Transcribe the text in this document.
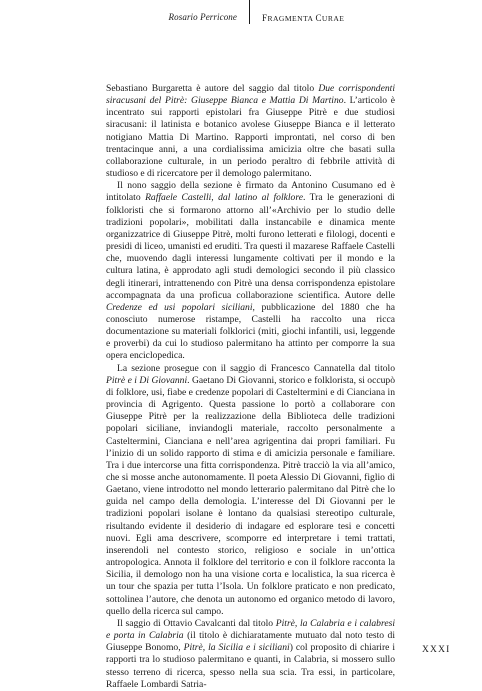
Rosario Perricone	FRAGMENTA CURAE

Sebastiano Burgaretta è autore del saggio dal titolo Due corrispondenti siracusani del Pitrè: Giuseppe Bianca e Mattia Di Martino. L’articolo è incentrato sui rapporti epistolari fra Giuseppe Pitrè e due studiosi siracusani: il latinista e botanico avolese Giuseppe Bianca e il letterato notigiano Mattia Di Martino. Rapporti improntati, nel corso di ben trentacinque anni, a una cordialissima amicizia oltre che basati sulla collaborazione culturale, in un periodo peraltro di febbrile attività di studioso e di ricercatore per il demologo palermitano.

Il nono saggio della sezione è firmato da Antonino Cusumano ed è intitolato Raffaele Castelli, dal latino al folklore. Tra le generazioni di folkloristi che si formarono attorno all’«Archivio per lo studio delle tradizioni popolari», mobilitati dalla instancabile e dinamica mente organizzatrice di Giuseppe Pitrè, molti furono letterati e filologi, docenti e presidi di liceo, umanisti ed eruditi. Tra questi il mazarese Raffaele Castelli che, muovendo dagli interessi lungamente coltivati per il mondo e la cultura latina, è approdato agli studi demologici secondo il più classico degli itinerari, intrattenendo con Pitrè una densa corrispondenza epistolare accompagnata da una proficua collaborazione scientifica. Autore delle Credenze ed usi popolari siciliani, pubblicazione del 1880 che ha conosciuto numerose ristampe, Castelli ha raccolto una ricca documentazione su materiali folklorici (miti, giochi infantili, usi, leggende e proverbi) da cui lo studioso palermitano ha attinto per comporre la sua opera enciclopedica.

La sezione prosegue con il saggio di Francesco Cannatella dal titolo Pitrè e i Di Giovanni. Gaetano Di Giovanni, storico e folklorista, si occupò di folklore, usi, fiabe e credenze popolari di Casteltermini e di Cianciana in provincia di Agrigento. Questa passione lo portò a collaborare con Giuseppe Pitrè per la realizzazione della Biblioteca delle tradizioni popolari siciliane, inviandogli materiale, raccolto personalmente a Casteltermini, Cianciana e nell’area agrigentina dai propri familiari. Fu l’inizio di un solido rapporto di stima e di amicizia personale e familiare. Tra i due intercorse una fitta corrispondenza. Pitrè tracciò la via all’amico, che si mosse anche autonomamente. Il poeta Alessio Di Giovanni, figlio di Gaetano, viene introdotto nel mondo letterario palermitano dal Pitrè che lo guida nel campo della demologia. L’interesse del Di Giovanni per le tradizioni popolari isolane è lontano da qualsiasi stereotipo culturale, risultando evidente il desiderio di indagare ed esplorare tesi e concetti nuovi. Egli ama descrivere, scomporre ed interpretare i temi trattati, inserendoli nel contesto storico, religioso e sociale in un’ottica antropologica. Annota il folklore del territorio e con il folklore racconta la Sicilia, il demologo non ha una visione corta e localistica, la sua ricerca è un tour che spazia per tutta l’Isola. Un folklore praticato e non predicato, sottolinea l’autore, che denota un autonomo ed organico metodo di lavoro, quello della ricerca sul campo.

Il saggio di Ottavio Cavalcanti dal titolo Pitrè, la Calabria e i calabresi e porta in Calabria (il titolo è dichiaratamente mutuato dal noto testo di Giuseppe Bonomo, Pitrè, la Sicilia e i siciliani) col proposito di chiarire i rapporti tra lo studioso palermitano e quanti, in Calabria, si mossero sullo stesso terreno di ricerca, spesso nella sua scia. Tra essi, in particolare, Raffaele Lombardi Satria-

XXXI
